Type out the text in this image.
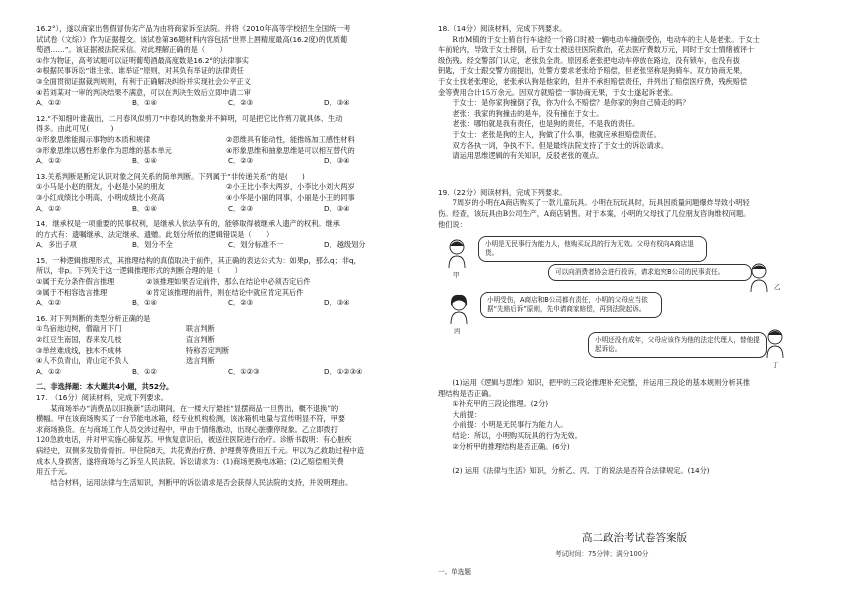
16.2°），遂以商家出售假冒伪劣产品为由将商家诉至法院。并将《2010年高等学校招生全国统一考
试试卷（文综）》作为证据提交。该试卷第36题材料内容包括“世界上唇精度最高(16.2度)的优质葡
萄酒……”。该证据被法院采信。对此理解正确的是（　　）
①作为物证，高考试题可以证明葡萄酒最高度数是16.2°的法律事实
②根据民事诉讼“谁主张、谁举证”原则，对其负有举证的法律责任
③全面贯彻证据裁判规则，有利于正确解决纠纷并实现社会公平正义
④若刘某对一审的判决结果不满意，可以在判决生效后立即申请二审
A．①②	B．①④	C．②③	D．③④
12.“不知细叶谁裁出，二月春风似剪刀”中春风的物象并不鲜明，可是把它比作剪刀就具体、生动
得多。由此可见(　　　)
①形象思维能揭示事物的本质和规律	②思维具有能动性，能推练加工感性材料
③形象思维以感性形象作为思维的基本单元	④形象思维和抽象思维是可以相互替代的
A．①②	B．①④	C．②③	D．③④
13.关系判断是断定认识对象之间关系的简单判断。下列属于“非传递关系”的是(　　)
①小马是小赵的朋友，小赵是小吴的朋友	②小王比小李大两岁，小李比小刘大两岁
③小红成绩比小明高，小明成绩比小亮高	④小华是小丽的同事，小丽是小王的同事
A．①②	B．①④	C．②③	D．③④
14．继承权是一项重要的民事权利，是继承人依法享有的，能够取得被继承人遗产的权利。继承
的方式有：遗嘱继承、法定继承、遗赠。此划分所依的逻辑错误是（　　）
A．多出子项	B．划分不全	C．划分标准不一	D．越级划分
15．一种逻辑推理形式，其推理结构的真值取决于前件，其正确的表达公式为：如果p，那么q；非q，
所以，非p。下列关于这一逻辑推理形式的判断合理的是（　　）
①属于充分条件假言推理	②该推理如果否定前件，那么在结论中必须否定后件
③属于不相容选言推理	④肯定该推理的前件，则在结论中就应肯定其后件
A．①②	B．①④	C．②③	D．③④
16. 对下列判断的类型分析正确的是
①鸟宿池边树，僧敲月下门	联言判断
②红豆生南国，春来发几枝	直言判断
③单丝难成线，独木不成林	特称否定判断
④人不负青山，青山定不负人	选言判断
A．①②	B．①②	C．①②③	D．①②③④
二、非选择题：本大题共4小题，共52分。
17.　（16分）阅读材料，完成下列要求。
　　某商场举办“消费品以旧换新”活动期间，在一楼大厅悬挂“显摆商品一旦售出，概不退换”的
横幅。甲在该商场购买了一台节能电冰箱，经专业机构检测，该冰箱机电量与宣传明显不符，甲要
求商场换货。在与商场工作人员交涉过程中，甲由于情绪激动，出现心脏骤停现象。乙立即拨打
120急救电话，并对甲实施心肺复苏。甲恢复意识后，被送往医院进行治疗。诊断书载明：有心脏疾
病经史，双侧多发肋骨骨折。甲住院8天，共花费治疗费、护理费等费用五千元。甲以为乙救助过程中造
成本人身损害，遂将商场与乙诉至人民法院。诉讼请求为：(1)商场更换电冰箱；(2)乙赔偿相关费
用五千元。
　　结合材料，运用法律与生活知识，判断甲的诉讼请求是否会获得人民法院的支持，并说明理由。
18.（14分）阅读材料，完成下列要求。
　　R市M镇的于女士骑自行车途经一个路口时被一辆电动车撞倒受伤，电动车的主人是老张。于女士
车前轮内，导致于女士摔倒，后于女士被送往医院救治，花去医疗费数万元，同时于女士情绪被评十
级伤残。经交警部门认定，老张负全责。原因系老张把电动车停放在路边，没有锁车，也没有拔
钥匙，于女士跟交警方面提出，处警方要求老张给予赔偿，但老张坚称是狗骑车。双方协商无果，
于女士找老张理论，老张承认狗是他家的，但并不承担赔偿责任，并列出了赔偿医疗费，残疾赔偿
金等费用合计15万余元。因双方就赔偿一事协商无果，于女士遂起诉老张。
　　于女士：是你家狗撞倒了我，你为什么不赔偿？是你家的狗自己骑走的吗？
　　老张：我家的狗撞击的是车，没有撞在于女士。
　　老张：哪怕就是我有责任，也是狗的责任，不是我的责任。
　　于女士：老张是狗的主人，狗做了什么事，他就应承担赔偿责任。
　　双方各执一词，争执不下。但是最终法院支持了于女士的诉讼请求。
　　请运用思维逻辑的有关知识，反驳老张的观点。
19.（22分）阅读材料，完成下列要求。
　　7周岁的小明在A商店购买了一款儿童玩具。小明在玩玩具时，玩具因质量问题爆炸导致小明轻
伤。经查，该玩具由B公司生产，A商店销售。对于本案，小明的父母找了几位朋友咨询维权问题。
他们说：
甲
小明是无民事行为能力人，他购买玩具的行为无效。父母有权向A商店退货。
乙
可以向消费者协会进行投诉，请求追究B公司的民事责任。
丙
小明受伤，A商店和B公司都有责任，小明的父母应当依据“先赔后诉”原则，先申请商家赔偿，再到法院起诉。
丁
小明还没有成年，父母应该作为他的法定代理人，替他提起诉讼。
　　(1)运用《逻辑与思维》知识，把甲的三段论推理补充完整，并运用三段论的基本规则分析其推
理结构是否正确。
　　①补充甲的三段论推理。(2分)
　　大前提：
　　小前提：小明是无民事行为能力人。
　　结论：所以，小明购买玩具的行为无效。
　　②分析甲的推理结构是否正确。(6分)
　　(2) 运用《法律与生活》知识，分析乙、丙、丁的说法是否符合法律规定。(14分)
高二政治考试卷答案版
考试时间：75分钟；满分100分
一、单选题
